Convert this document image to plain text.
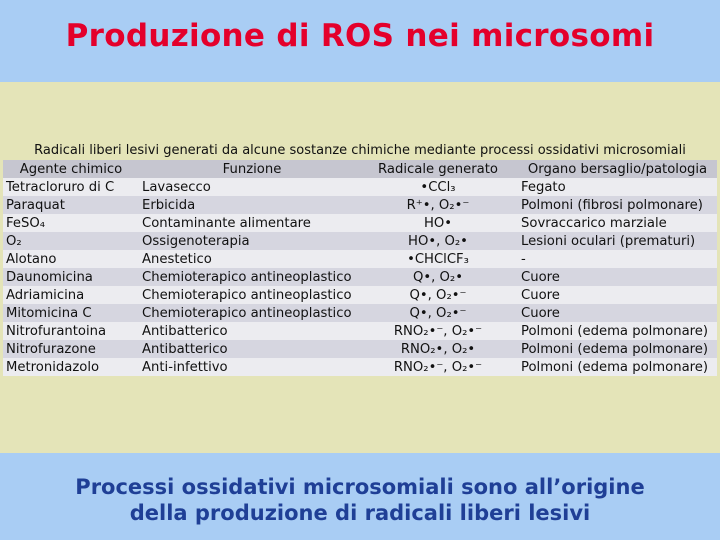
Produzione di ROS nei microsomi
Radicali liberi lesivi generati da alcune sostanze chimiche mediante processi ossidativi microsomiali
Agente chimico	Funzione	Radicale generato	Organo bersaglio/patologia
Tetracloruro di C	Lavasecco	•CCl₃	Fegato
Paraquat	Erbicida	R⁺•, O₂•⁻	Polmoni (fibrosi polmonare)
FeSO₄	Contaminante alimentare	HO•	Sovraccarico marziale
O₂	Ossigenoterapia	HO•, O₂•	Lesioni oculari (prematuri)
Alotano	Anestetico	•CHClCF₃	-
Daunomicina	Chemioterapico antineoplastico	Q•, O₂•	Cuore
Adriamicina	Chemioterapico antineoplastico	Q•, O₂•⁻	Cuore
Mitomicina C	Chemioterapico antineoplastico	Q•, O₂•⁻	Cuore
Nitrofurantoina	Antibatterico	RNO₂•⁻, O₂•⁻	Polmoni (edema polmonare)
Nitrofurazone	Antibatterico	RNO₂•, O₂•	Polmoni (edema polmonare)
Metronidazolo	Anti-infettivo	RNO₂•⁻, O₂•⁻	Polmoni (edema polmonare)
Processi ossidativi microsomiali sono all’origine
della produzione di radicali liberi lesivi
